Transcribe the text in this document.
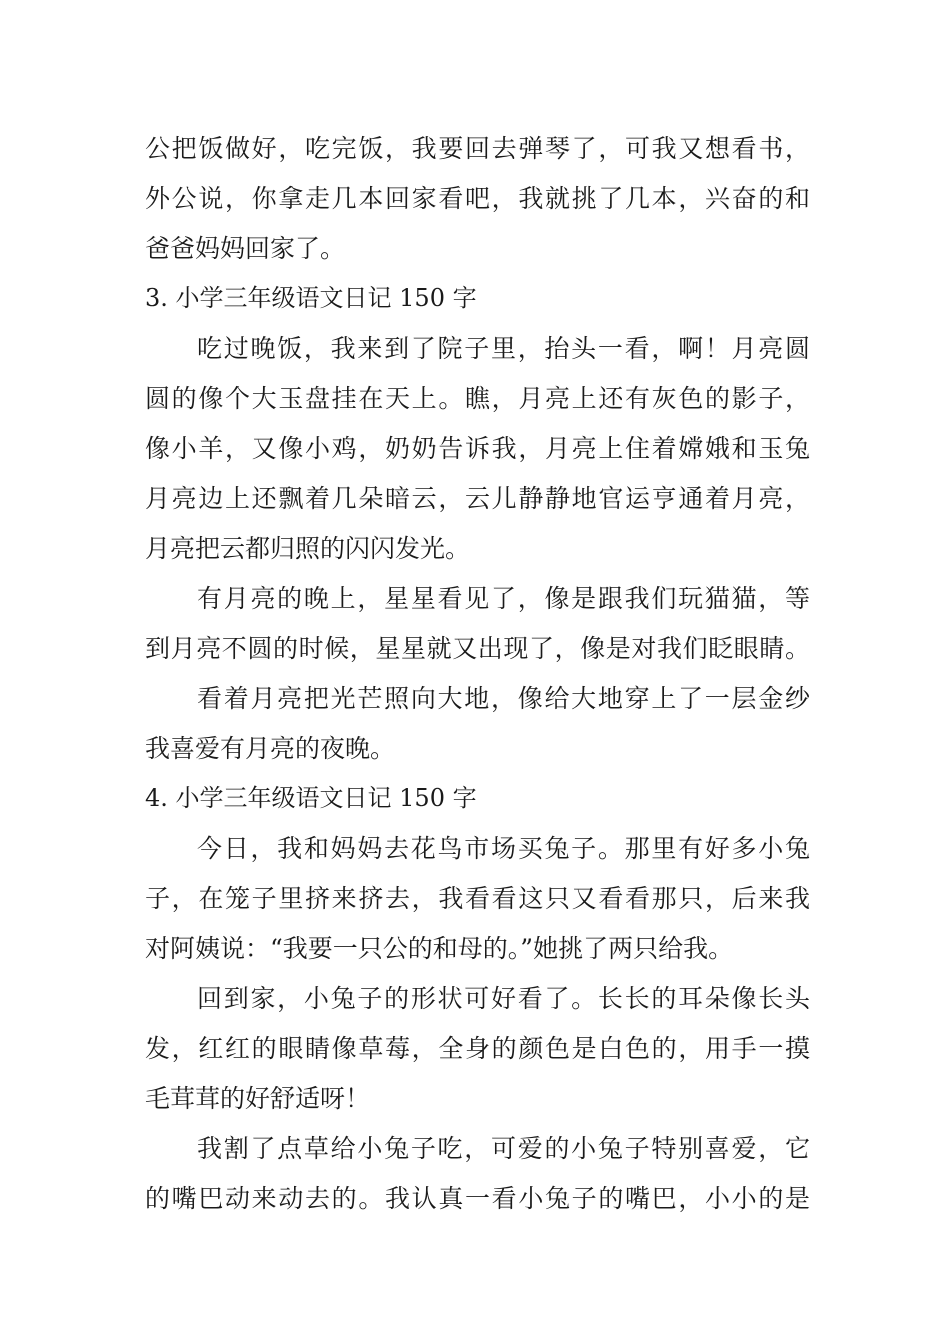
公把饭做好，吃完饭，我要回去弹琴了，可我又想看书，
外公说，你拿走几本回家看吧，我就挑了几本，兴奋的和
爸爸妈妈回家了。
3. 小学三年级语文日记 150 字
吃过晚饭，我来到了院子里，抬头一看，啊！月亮圆
圆的像个大玉盘挂在天上。瞧，月亮上还有灰色的影子，
像小羊，又像小鸡，奶奶告诉我，月亮上住着嫦娥和玉兔
月亮边上还飘着几朵暗云，云儿静静地官运亨通着月亮，
月亮把云都归照的闪闪发光。
有月亮的晚上，星星看见了，像是跟我们玩猫猫，等
到月亮不圆的时候，星星就又出现了，像是对我们眨眼睛。
看着月亮把光芒照向大地，像给大地穿上了一层金纱
我喜爱有月亮的夜晚。
4. 小学三年级语文日记 150 字
今日，我和妈妈去花鸟市场买兔子。那里有好多小兔
子，在笼子里挤来挤去，我看看这只又看看那只，后来我
对阿姨说：“我要一只公的和母的。”她挑了两只给我。
回到家，小兔子的形状可好看了。长长的耳朵像长头
发，红红的眼睛像草莓，全身的颜色是白色的，用手一摸
毛茸茸的好舒适呀！
我割了点草给小兔子吃，可爱的小兔子特别喜爱，它
的嘴巴动来动去的。我认真一看小兔子的嘴巴，小小的是
